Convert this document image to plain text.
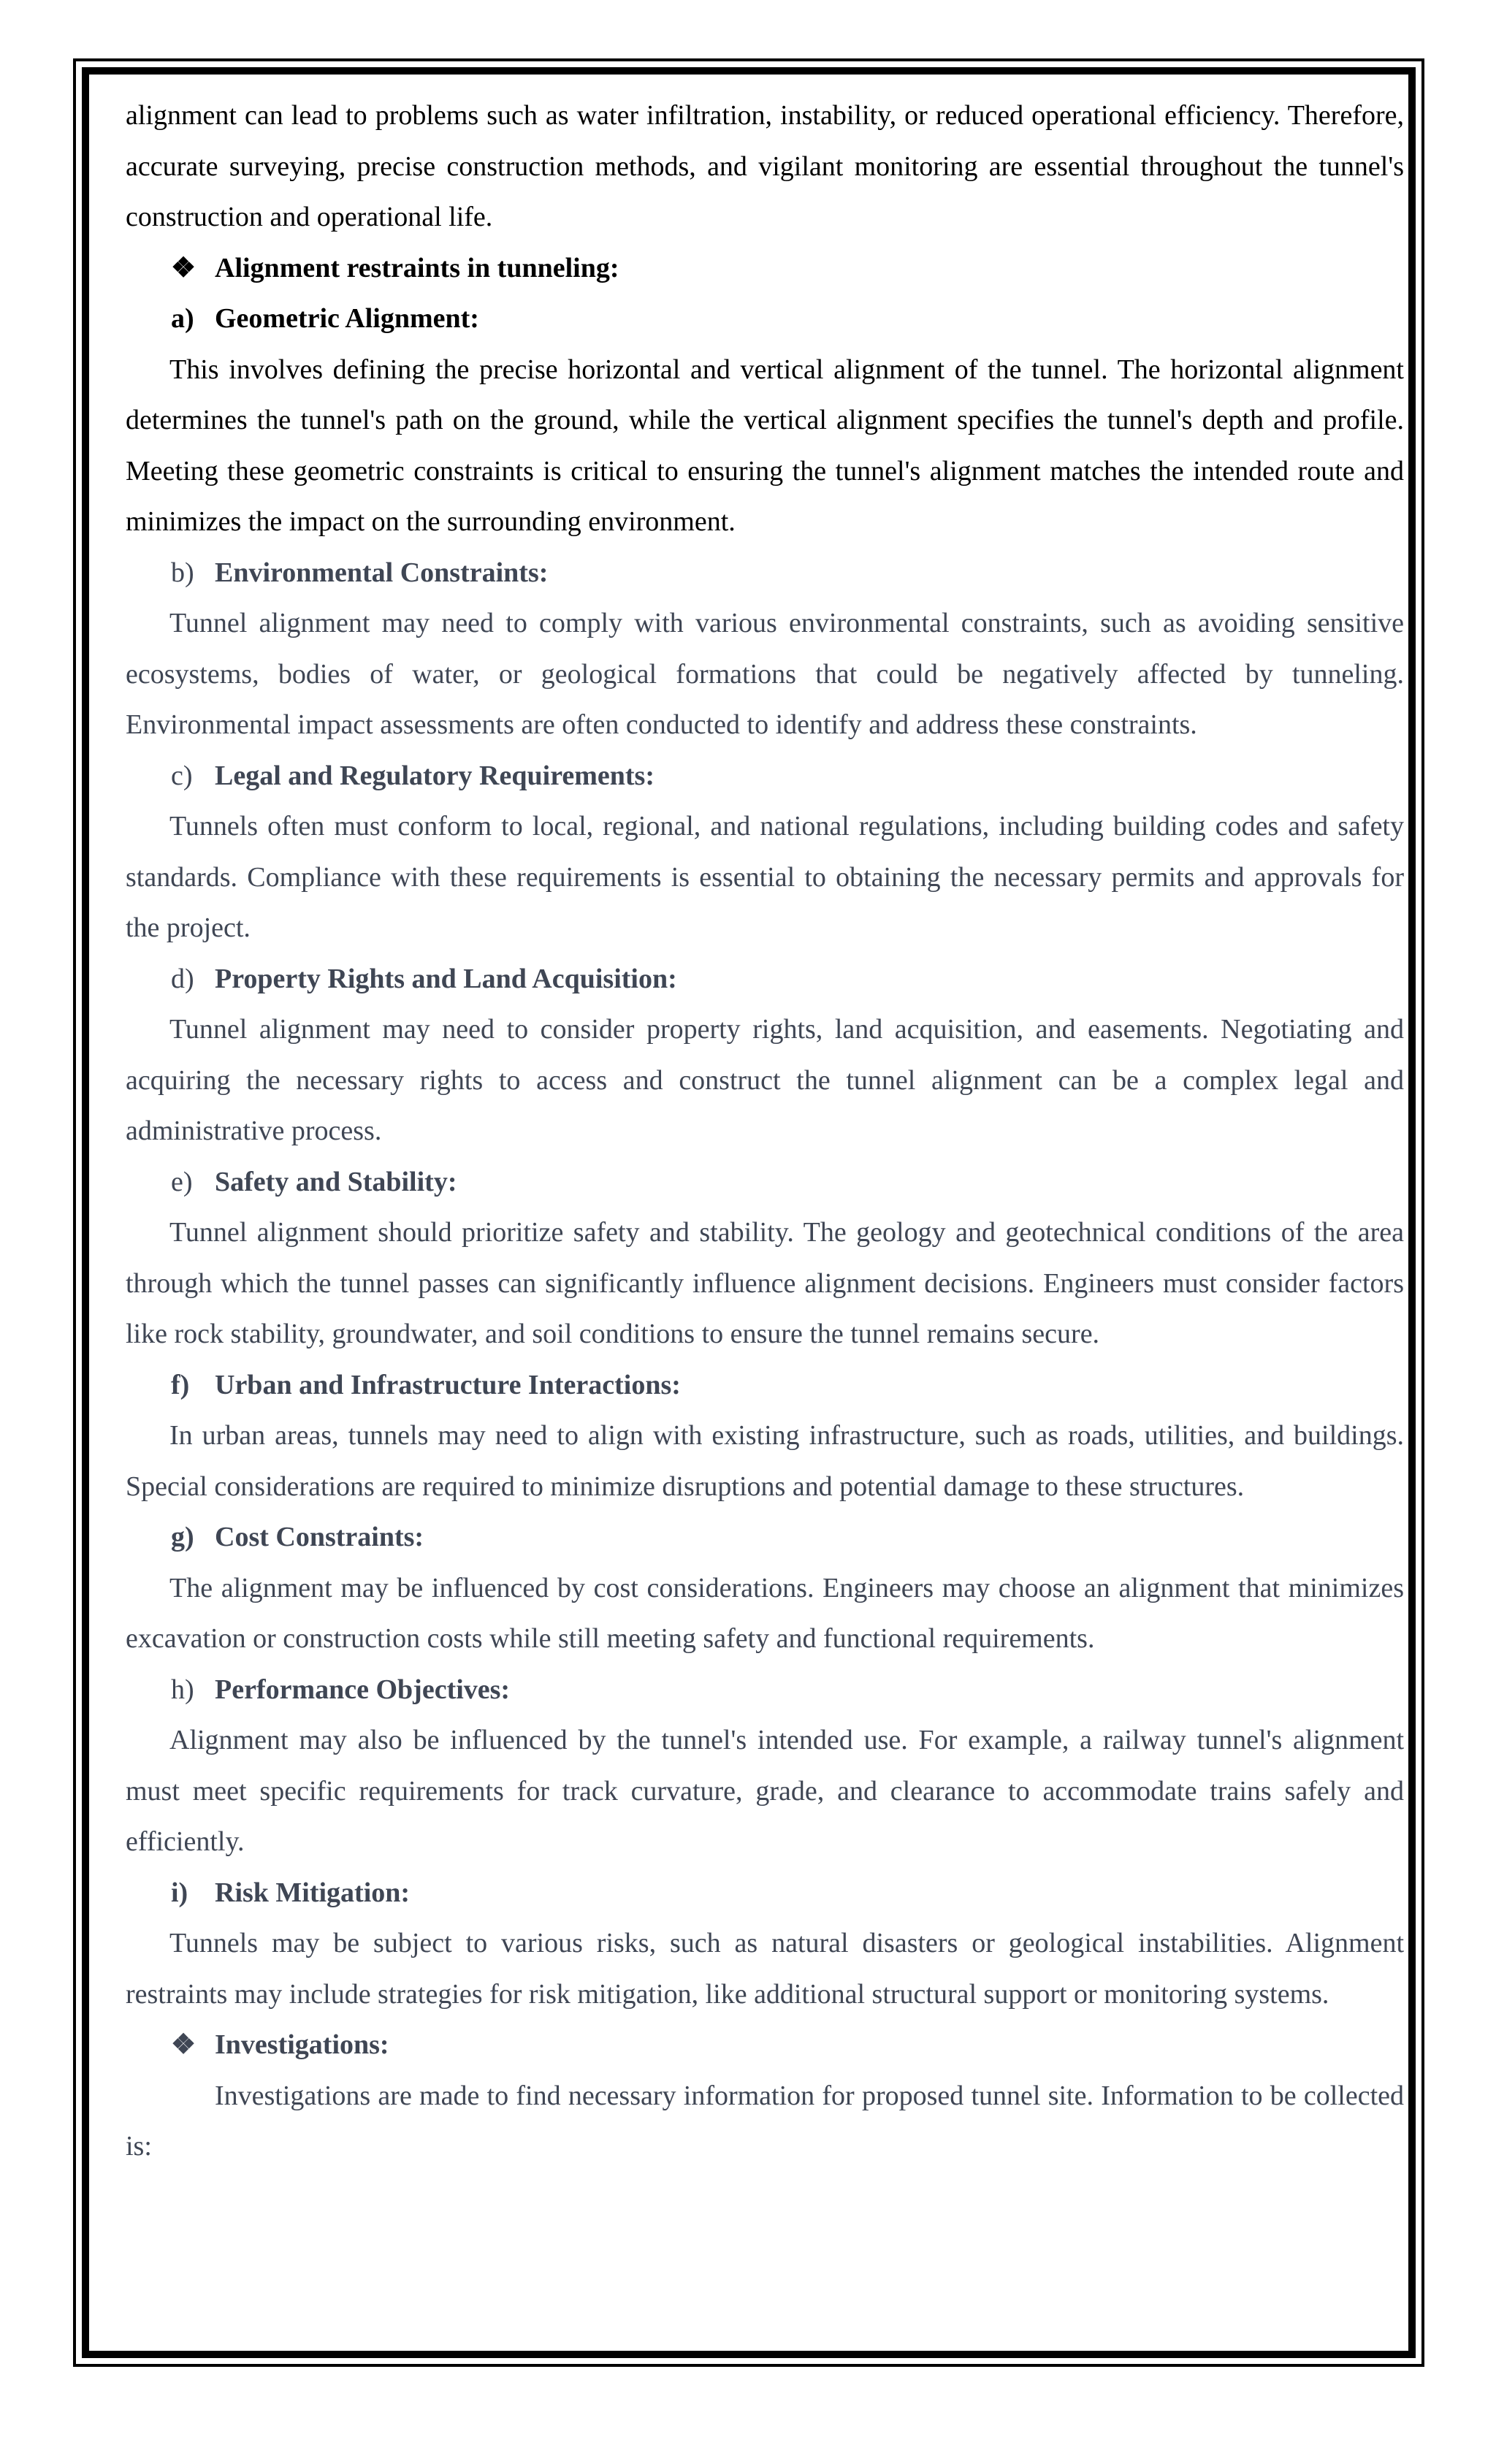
alignment can lead to problems such as water infiltration, instability, or reduced operational efficiency. Therefore, accurate surveying, precise construction methods, and vigilant monitoring are essential throughout the tunnel's construction and operational life.

❖ Alignment restraints in tunneling:
a) Geometric Alignment:

This involves defining the precise horizontal and vertical alignment of the tunnel. The horizontal alignment determines the tunnel's path on the ground, while the vertical alignment specifies the tunnel's depth and profile. Meeting these geometric constraints is critical to ensuring the tunnel's alignment matches the intended route and minimizes the impact on the surrounding environment.

b) Environmental Constraints:

Tunnel alignment may need to comply with various environmental constraints, such as avoiding sensitive ecosystems, bodies of water, or geological formations that could be negatively affected by tunneling. Environmental impact assessments are often conducted to identify and address these constraints.

c) Legal and Regulatory Requirements:

Tunnels often must conform to local, regional, and national regulations, including building codes and safety standards. Compliance with these requirements is essential to obtaining the necessary permits and approvals for the project.

d) Property Rights and Land Acquisition:

Tunnel alignment may need to consider property rights, land acquisition, and easements. Negotiating and acquiring the necessary rights to access and construct the tunnel alignment can be a complex legal and administrative process.

e) Safety and Stability:

Tunnel alignment should prioritize safety and stability. The geology and geotechnical conditions of the area through which the tunnel passes can significantly influence alignment decisions. Engineers must consider factors like rock stability, groundwater, and soil conditions to ensure the tunnel remains secure.

f) Urban and Infrastructure Interactions:

In urban areas, tunnels may need to align with existing infrastructure, such as roads, utilities, and buildings. Special considerations are required to minimize disruptions and potential damage to these structures.

g) Cost Constraints:

The alignment may be influenced by cost considerations. Engineers may choose an alignment that minimizes excavation or construction costs while still meeting safety and functional requirements.

h) Performance Objectives:

Alignment may also be influenced by the tunnel's intended use. For example, a railway tunnel's alignment must meet specific requirements for track curvature, grade, and clearance to accommodate trains safely and efficiently.

i) Risk Mitigation:

Tunnels may be subject to various risks, such as natural disasters or geological instabilities. Alignment restraints may include strategies for risk mitigation, like additional structural support or monitoring systems.

❖ Investigations:

Investigations are made to find necessary information for proposed tunnel site. Information to be collected is:
